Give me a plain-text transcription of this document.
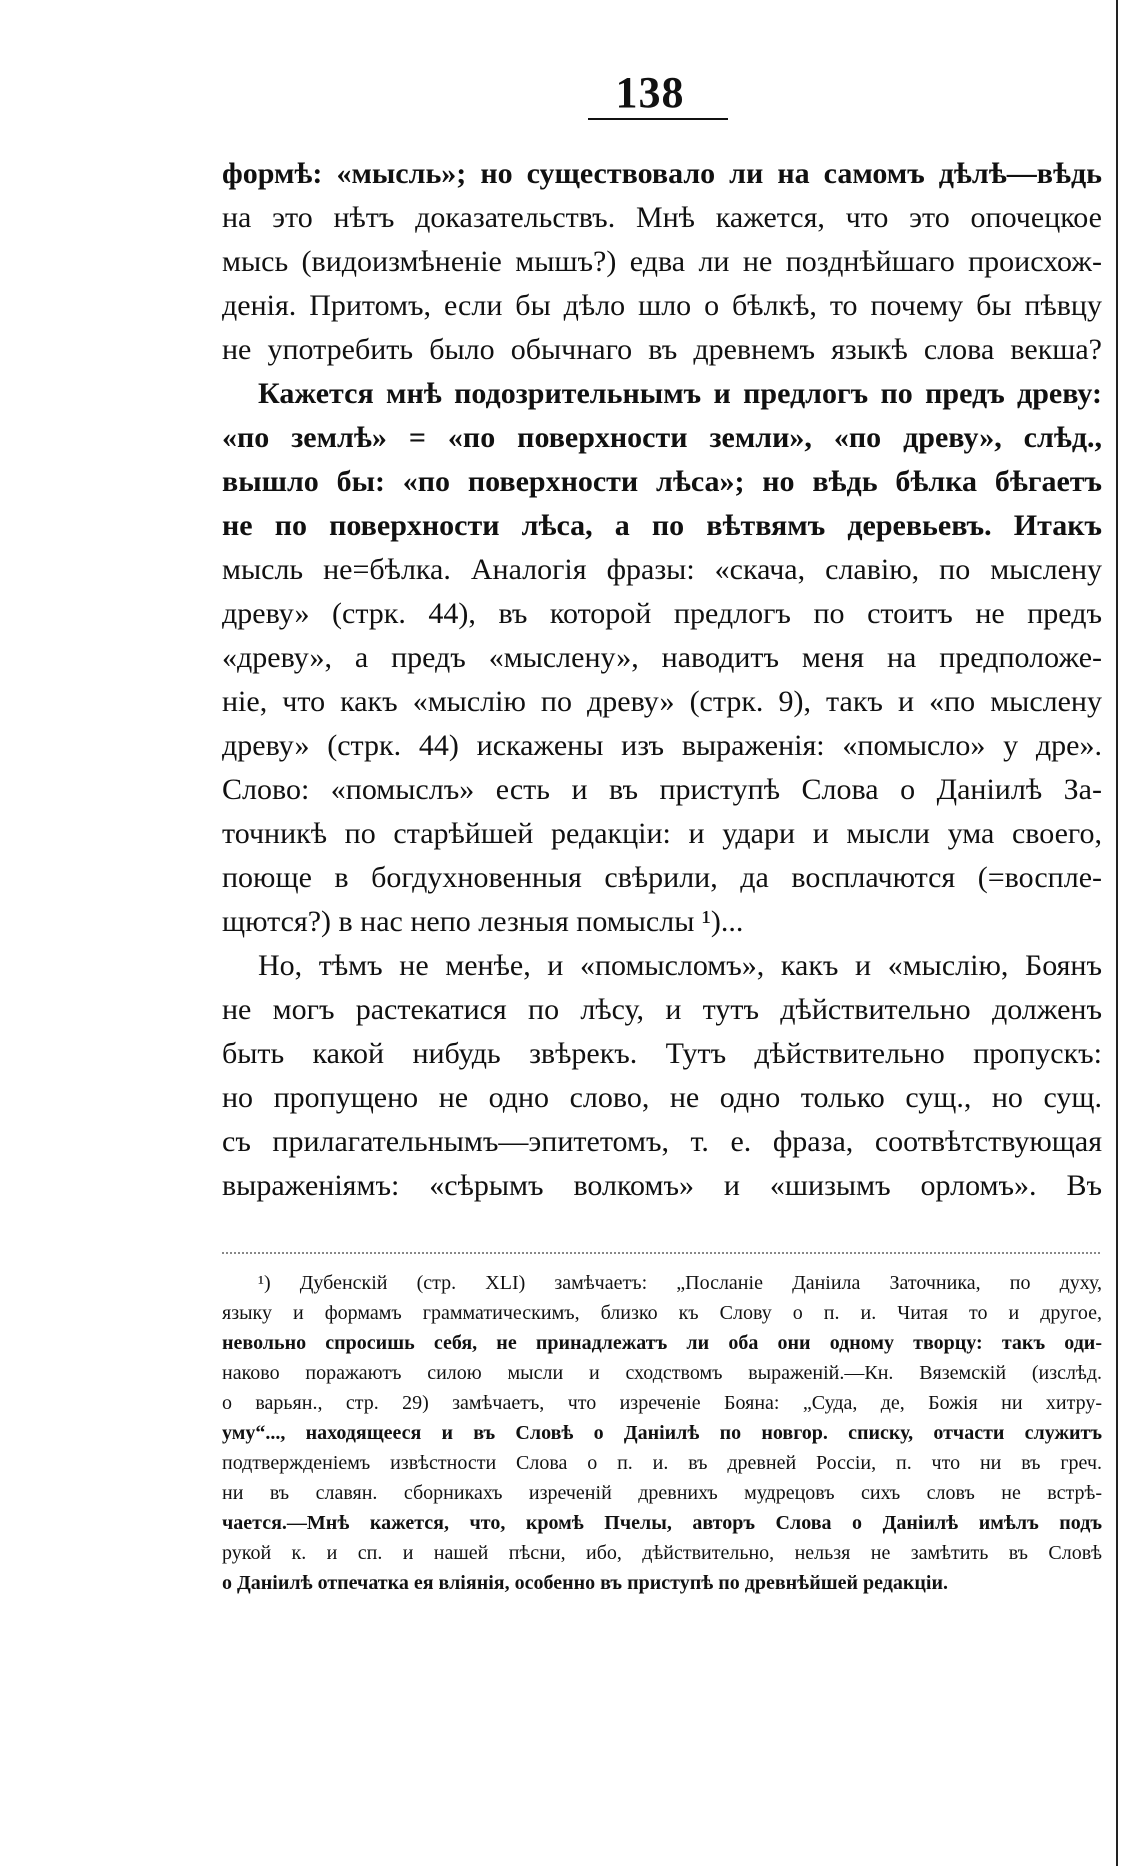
138
формѣ: «мысль»; но существовало ли на самомъ дѣлѣ—вѣдь
на это нѣтъ доказательствъ. Мнѣ кажется, что это опочецкое
мысь (видоизмѣненіе мышъ?) едва ли не позднѣйшаго происхож-
денія. Притомъ, если бы дѣло шло о бѣлкѣ, то почему бы пѣвцу
не употребить было обычнаго въ древнемъ языкѣ слова векша?
Кажется мнѣ подозрительнымъ и предлогъ по предъ древу:
«по землѣ» = «по поверхности земли», «по древу», слѣд.,
вышло бы: «по поверхности лѣса»; но вѣдь бѣлка бѣгаетъ
не по поверхности лѣса, а по вѣтвямъ деревьевъ. Итакъ
мысль не=бѣлка. Аналогія фразы: «скача, славію, по мыслену
древу» (стрк. 44), въ которой предлогъ по стоитъ не предъ
«древу», а предъ «мыслену», наводитъ меня на предположе-
ніе, что какъ «мыслію по древу» (стрк. 9), такъ и «по мыслену
древу» (стрк. 44) искажены изъ выраженія: «помысло» у дре».
Слово: «помыслъ» есть и въ приступѣ Слова о Даніилѣ За-
точникѣ по старѣйшей редакціи: и удари и мысли ума своего,
поюще в богдухновенныя свѣрили, да восплачются (=воспле-
щются?) в нас непо лезныя помыслы ¹)...
Но, тѣмъ не менѣе, и «помысломъ», какъ и «мыслію, Боянъ
не могъ растекатися по лѣсу, и тутъ дѣйствительно долженъ
быть какой нибудь звѣрекъ. Тутъ дѣйствительно пропускъ:
но пропущено не одно слово, не одно только сущ., но сущ.
съ прилагательнымъ—эпитетомъ, т. е. фраза, соотвѣтствующая
выраженіямъ: «сѣрымъ волкомъ» и «шизымъ орломъ». Въ
¹) Дубенскій (стр. XLI) замѣчаетъ: „Посланіе Даніила Заточника, по духу,
языку и формамъ грамматическимъ, близко къ Слову о п. и. Читая то и другое,
невольно спросишь себя, не принадлежатъ ли оба они одному творцу: такъ оди-
наково поражаютъ силою мысли и сходствомъ выраженій.—Кн. Вяземскій (изслѣд.
о варьян., стр. 29) замѣчаетъ, что изреченіе Бояна: „Суда, де, Божія ни хитру-
уму“..., находящееся и въ Словѣ о Даніилѣ по новгор. списку, отчасти служитъ
подтвержденіемъ извѣстности Слова о п. и. въ древней Россіи, п. что ни въ греч.
ни въ славян. сборникахъ изреченій древнихъ мудрецовъ сихъ словъ не встрѣ-
чается.—Мнѣ кажется, что, кромѣ Пчелы, авторъ Слова о Даніилѣ имѣлъ подъ
рукой к. и сп. и нашей пѣсни, ибо, дѣйствительно, нельзя не замѣтить въ Словѣ
о Даніилѣ отпечатка ея вліянія, особенно въ приступѣ по древнѣйшей редакціи.
